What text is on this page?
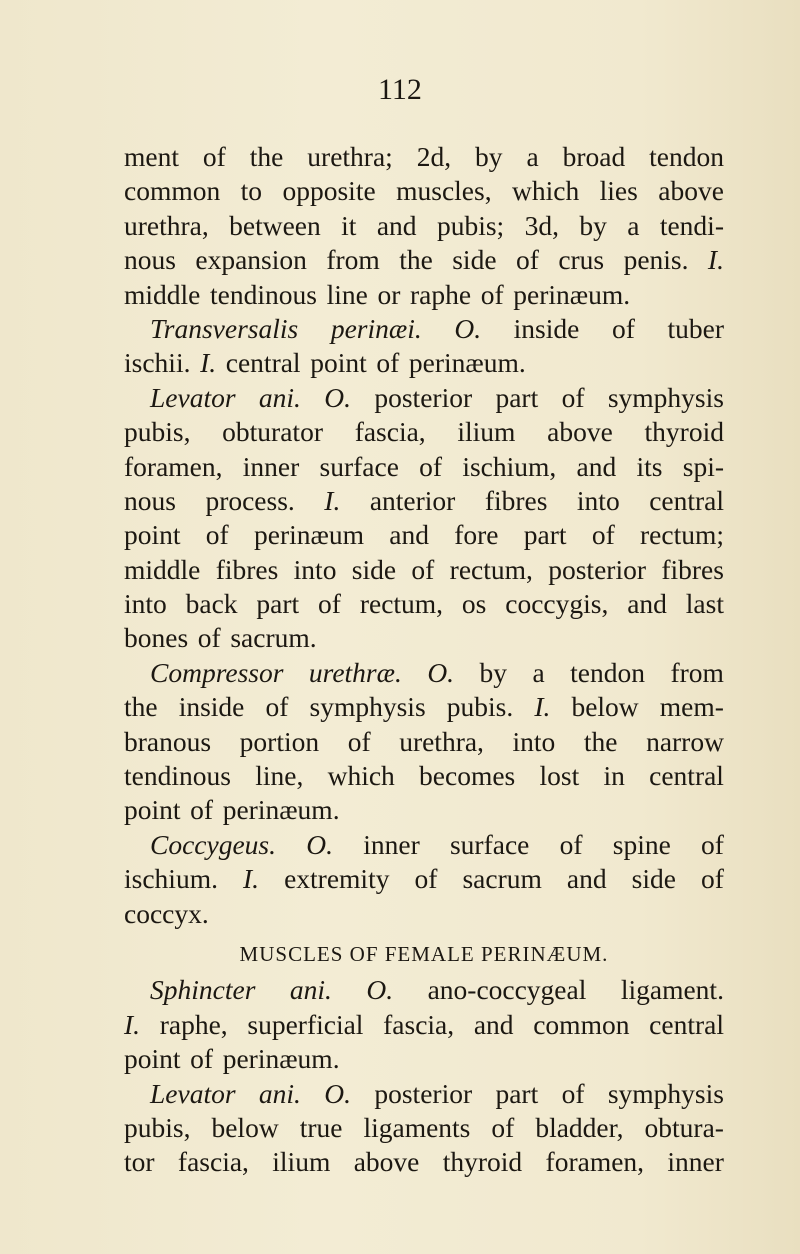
112
ment of the urethra; 2d, by a broad tendon
common to opposite muscles, which lies above
urethra, between it and pubis; 3d, by a tendi-
nous expansion from the side of crus penis. I.
middle
tendinous
line
or
raphe
of
perinæum.
Transversalis perinæi. O. inside of tuber
ischii.
I.
central
point
of
perinæum.
Levator ani. O. posterior part of symphysis
pubis, obturator fascia, ilium above thyroid
foramen, inner surface of ischium, and its spi-
nous process. I. anterior fibres into central
point of perinæum and fore part of rectum;
middle fibres into side of rectum, posterior fibres
into back part of rectum, os coccygis, and last
bones
of
sacrum.
Compressor urethræ. O. by a tendon from
the inside of symphysis pubis. I. below mem-
branous portion of urethra, into the narrow
tendinous line, which becomes lost in central
point
of
perinæum.
Coccygeus. O. inner surface of spine of
ischium. I. extremity of sacrum and side of
coccyx.
MUSCLES OF FEMALE PERINÆUM.
Sphincter ani. O. ano-coccygeal ligament.
I. raphe, superficial fascia, and common central
point
of
perinæum.
Levator ani. O. posterior part of symphysis
pubis, below true ligaments of bladder, obtura-
tor fascia, ilium above thyroid foramen, inner
